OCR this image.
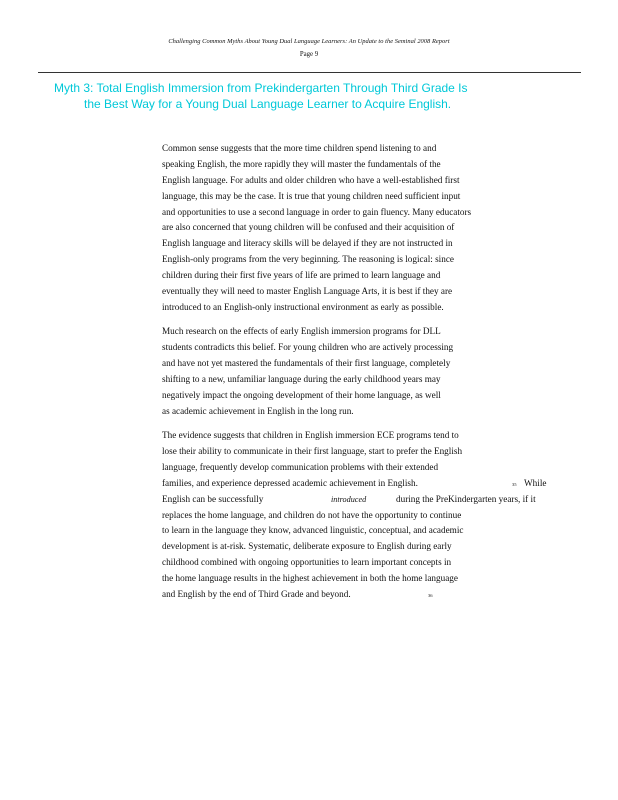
Challenging Common Myths About Young Dual Language Learners: An Update to the Seminal 2008 Report
Page 9
Myth 3: Total English Immersion from Prekindergarten Through Third Grade Is
the Best Way for a Young Dual Language Learner to Acquire English.
Common sense suggests that the more time children spend listening to and
speaking English, the more rapidly they will master the fundamentals of the
English language. For adults and older children who have a well-established first
language, this may be the case. It is true that young children need sufficient input
and opportunities to use a second language in order to gain fluency. Many educators
are also concerned that young children will be confused and their acquisition of
English language and literacy skills will be delayed if they are not instructed in
English-only programs from the very beginning. The reasoning is logical: since
children during their first five years of life are primed to learn language and
eventually they will need to master English Language Arts, it is best if they are
introduced to an English-only instructional environment as early as possible.
Much research on the effects of early English immersion programs for DLL
students contradicts this belief. For young children who are actively processing
and have not yet mastered the fundamentals of their first language, completely
shifting to a new, unfamiliar language during the early childhood years may
negatively impact the ongoing development of their home language, as well
as academic achievement in English in the long run.
The evidence suggests that children in English immersion ECE programs tend to
lose their ability to communicate in their first language, start to prefer the English
language, frequently develop communication problems with their extended
families, and experience depressed academic achievement in English.	35 While
English can be successfully	introduced	during the PreKindergarten years, if it
replaces the home language, and children do not have the opportunity to continue
to learn in the language they know, advanced linguistic, conceptual, and academic
development is at-risk. Systematic, deliberate exposure to English during early
childhood combined with ongoing opportunities to learn important concepts in
the home language results in the highest achievement in both the home language
and English by the end of Third Grade and beyond.	36
